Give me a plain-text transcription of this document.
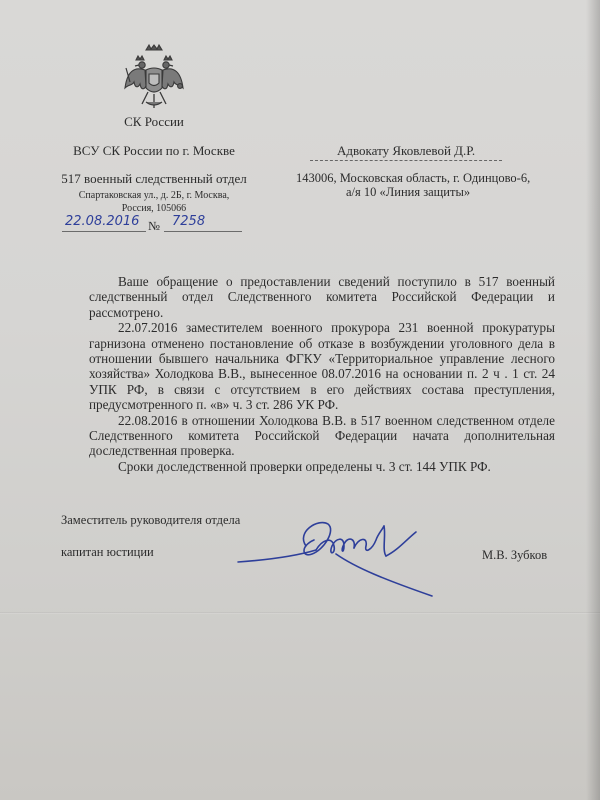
СК России
ВСУ СК России по г. Москве
517 военный следственный отдел
Спартаковская ул., д. 2Б, г. Москва,
Россия, 105066
22.08.2016 № 7258
Адвокату Яковлевой Д.Р.
143006, Московская область, г. Одинцово-6,
а/я 10 «Линия защиты»

Ваше обращение о предоставлении сведений поступило в 517 военный следственный отдел Следственного комитета Российской Федерации и рассмотрено.

22.07.2016 заместителем военного прокурора 231 военной прокуратуры гарнизона отменено постановление об отказе в возбуждении уголовного дела в отношении бывшего начальника ФГКУ «Территориальное управление лесного хозяйства» Холодкова В.В., вынесенное 08.07.2016 на основании п. 2 ч . 1 ст. 24 УПК РФ, в связи с отсутствием в его действиях состава преступления, предусмотренного п. «в» ч. 3 ст. 286 УК РФ.

22.08.2016 в отношении Холодкова В.В. в 517 военном следственном отделе Следственного комитета Российской Федерации начата дополнительная доследственная проверка.

Сроки доследственной проверки определены ч. 3 ст. 144 УПК РФ.

Заместитель руководителя отдела
капитан юстиции	М.В. Зубков
